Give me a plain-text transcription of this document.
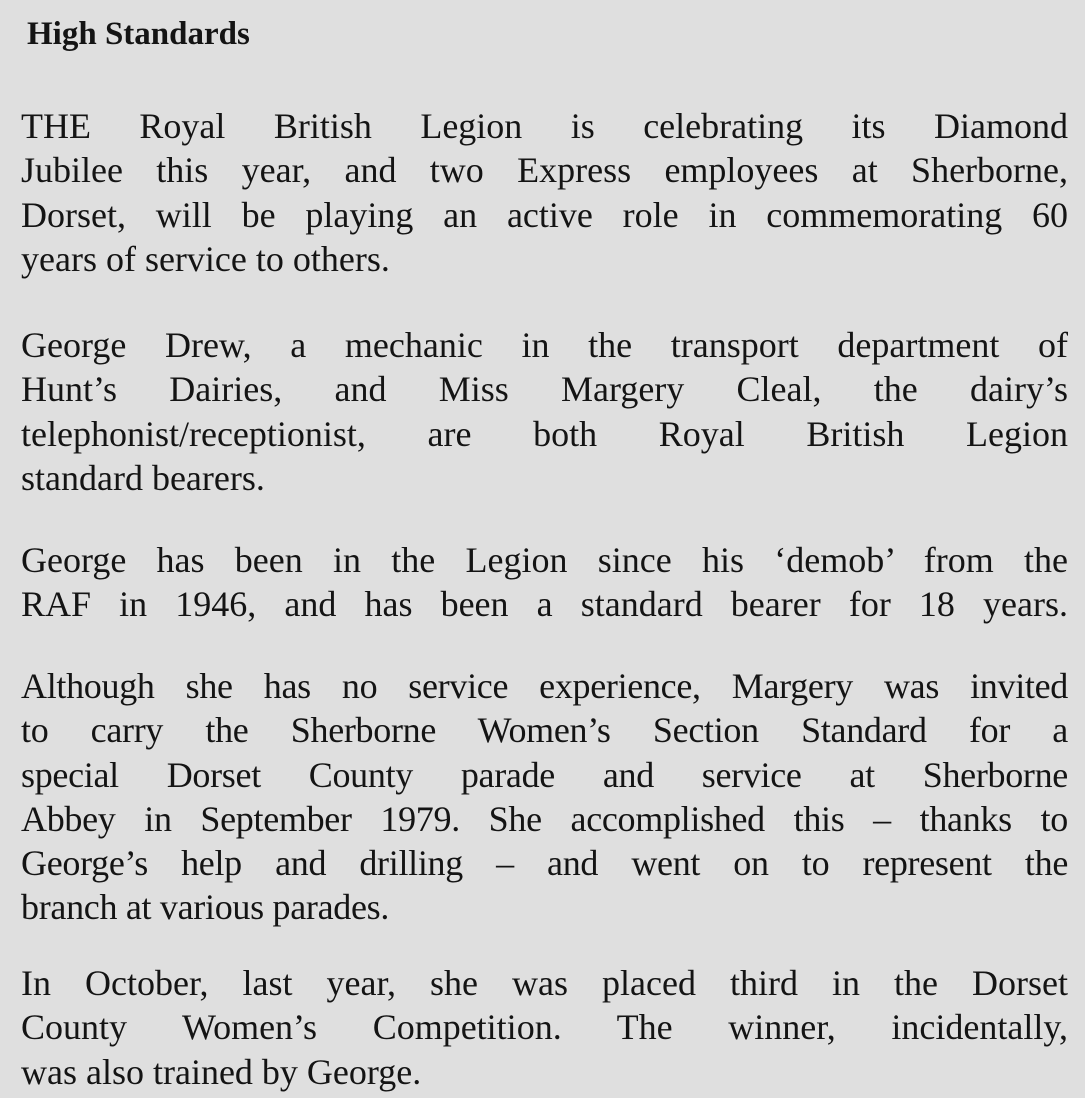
High Standards
THE Royal British Legion is celebrating its Diamond
Jubilee this year, and two Express employees at Sherborne,
Dorset, will be playing an active role in commemorating 60
years of service to others.
George Drew, a mechanic in the transport department of
Hunt’s Dairies, and Miss Margery Cleal, the dairy’s
telephonist/receptionist, are both Royal British Legion
standard bearers.
George has been in the Legion since his ‘demob’ from the
RAF in 1946, and has been a standard bearer for 18 years.
Although she has no service experience, Margery was invited
to carry the Sherborne Women’s Section Standard for a
special Dorset County parade and service at Sherborne
Abbey in September 1979. She accomplished this – thanks to
George’s help and drilling – and went on to represent the
branch at various parades.
In October, last year, she was placed third in the Dorset
County Women’s Competition. The winner, incidentally,
was also trained by George.
